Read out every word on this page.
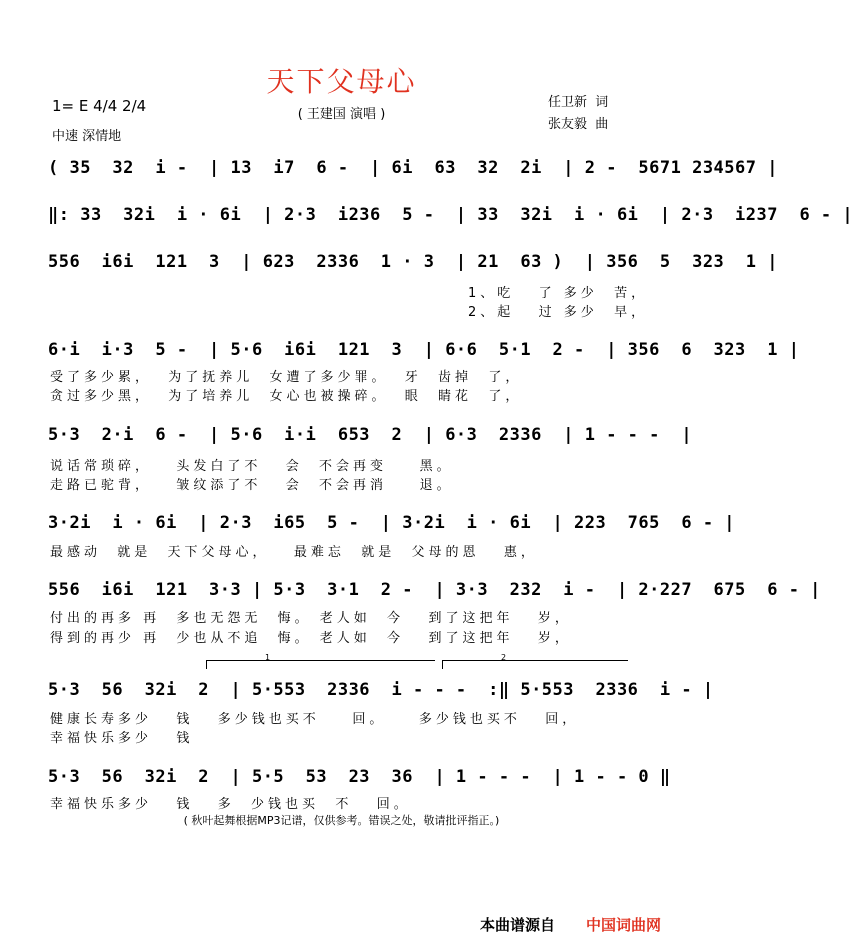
天下父母心
( 王建国 演唱 )
1= E 4/4 2/4
中速 深情地
任卫新  词
张友毅  曲
( 35  32  i -  | 13  i7  6 -  | 6i  63  32  2i  | 2 -  5671 234567 |
‖: 33  32i  i · 6i  | 2·3  i236  5 -  | 33  32i  i · 6i  | 2·3  i237  6 - |
556  i6i  121  3  | 623  2336  1 · 3  | 21  63 )  | 356  5  323  1 |
1、吃   了 多少  苦，
2、起   过 多少  早，
6·i  i·3  5 -  | 5·6  i6i  121  3  | 6·6  5·1  2 -  | 356  6  323  1 |
受了多少累，  为了抚养儿  女遭了多少罪。  牙  齿掉  了，
贪过多少黑，  为了培养儿  女心也被操碎。  眼  睛花  了，
5·3  2·i  6 -  | 5·6  i·i  653  2  | 6·3  2336  | 1 - - -  |
说话常琐碎，   头发白了不   会  不会再变    黑。
走路已驼背，   皱纹添了不   会  不会再消    退。
3·2i  i · 6i  | 2·3  i65  5 -  | 3·2i  i · 6i  | 223  765  6 - |
最感动  就是  天下父母心，   最难忘  就是  父母的恩   惠，
556  i6i  121  3·3 | 5·3  3·1  2 -  | 3·3  232  i -  | 2·227  675  6 - |
付出的再多 再  多也无怨无  悔。 老人如  今   到了这把年   岁，
得到的再少 再  少也从不追  悔。 老人如  今   到了这把年   岁，
1	2
5·3  56  32i  2  | 5·553  2336  i - - -  :‖ 5·553  2336  i - |
健康长寿多少   钱   多少钱也买不    回。    多少钱也买不   回，
幸福快乐多少   钱
5·3  56  32i  2  | 5·5  53  23  36  | 1 - - -  | 1 - - 0 ‖
幸福快乐多少   钱   多  少钱也买  不   回。
( 秋叶起舞根据MP3记谱，仅供参考。错误之处，敬请批评指正。)
本曲谱源自 中国词曲网
